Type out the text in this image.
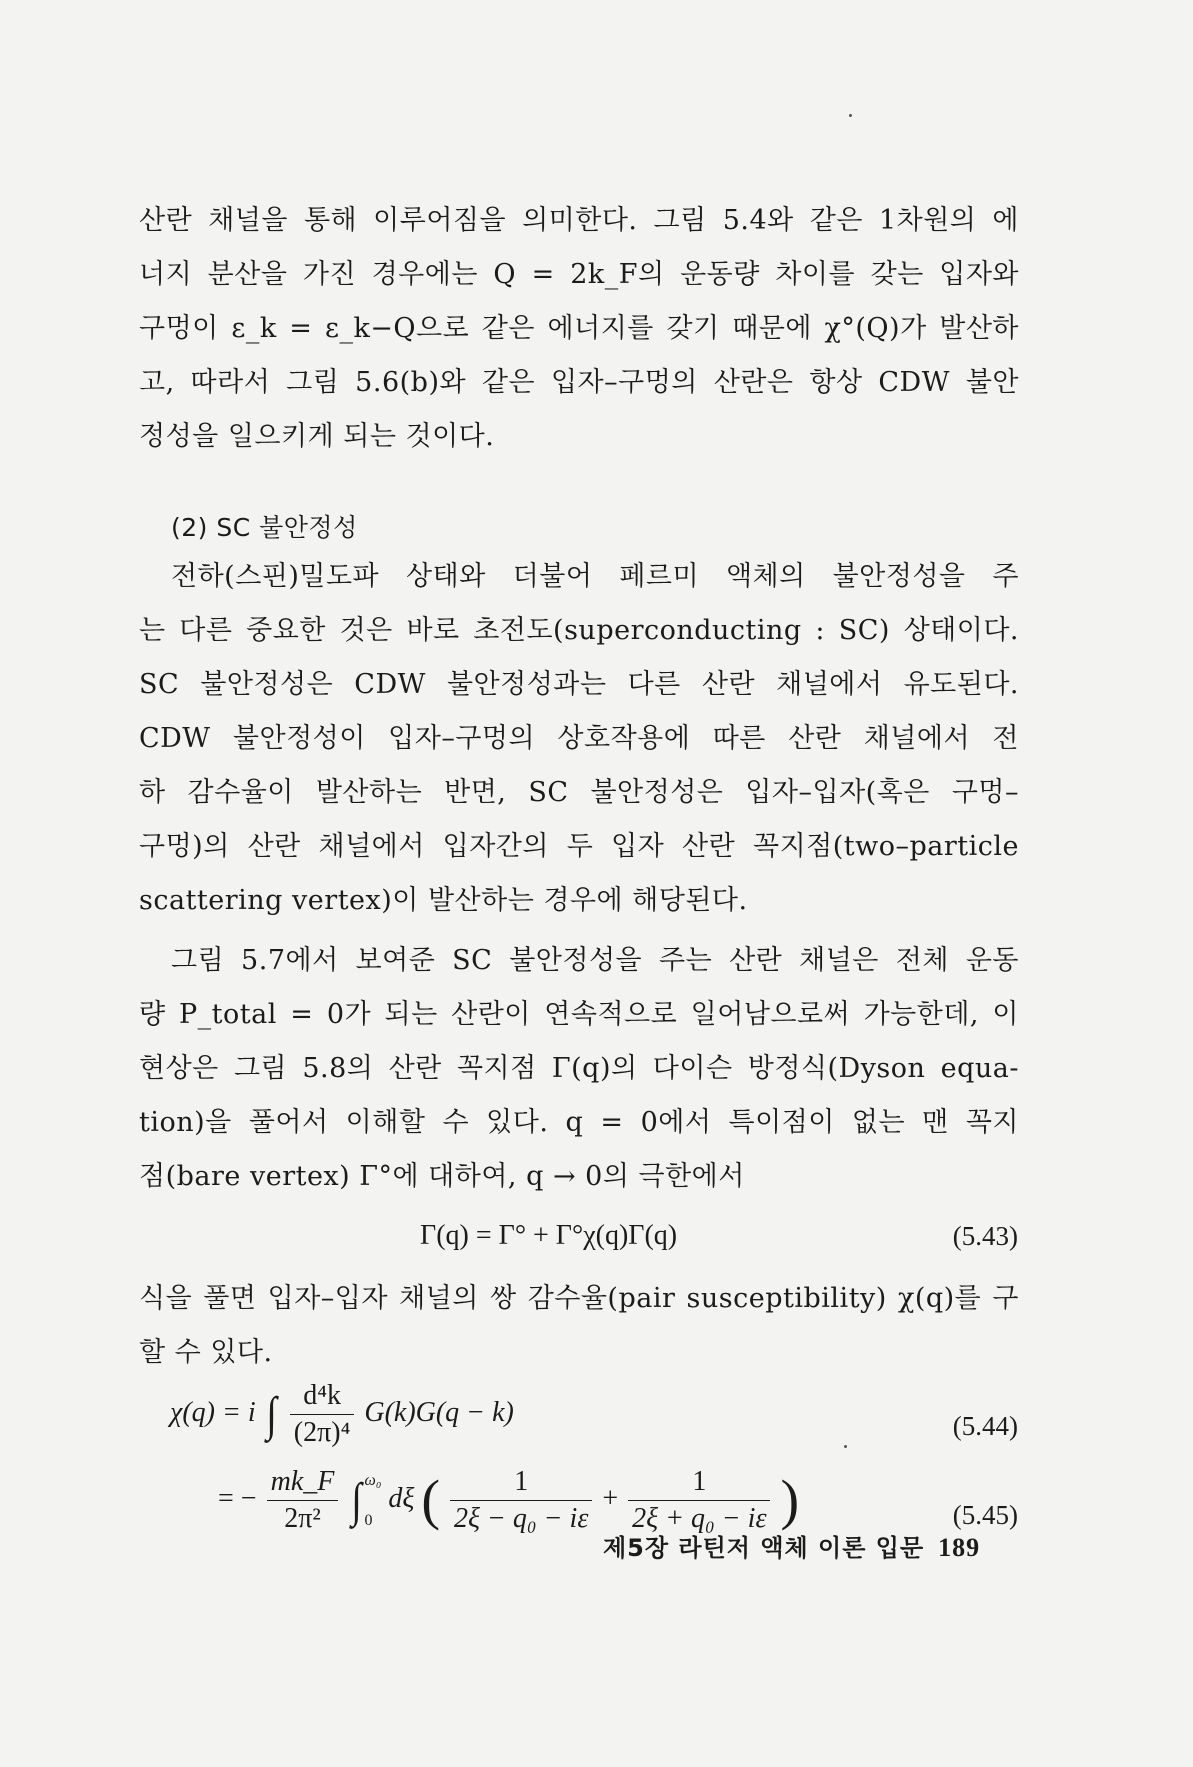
산란 채널을 통해 이루어짐을 의미한다. 그림 5.4와 같은 1차원의 에
너지 분산을 가진 경우에는 Q = 2k_F의 운동량 차이를 갖는 입자와
구멍이 ε_k = ε_k−Q으로 같은 에너지를 갖기 때문에 χ°(Q)가 발산하
고, 따라서 그림 5.6(b)와 같은 입자–구멍의 산란은 항상 CDW 불안
정성을 일으키게 되는 것이다.
(2) SC 불안정성
전하(스핀)밀도파 상태와 더불어 페르미 액체의 불안정성을 주
는 다른 중요한 것은 바로 초전도(superconducting : SC) 상태이다.
SC 불안정성은 CDW 불안정성과는 다른 산란 채널에서 유도된다.
CDW 불안정성이 입자–구멍의 상호작용에 따른 산란 채널에서 전
하 감수율이 발산하는 반면, SC 불안정성은 입자–입자(혹은 구멍–
구멍)의 산란 채널에서 입자간의 두 입자 산란 꼭지점(two–particle
scattering vertex)이 발산하는 경우에 해당된다.
그림 5.7에서 보여준 SC 불안정성을 주는 산란 채널은 전체 운동
량 P_total = 0가 되는 산란이 연속적으로 일어남으로써 가능한데, 이
현상은 그림 5.8의 산란 꼭지점 Γ(q)의 다이슨 방정식(Dyson equa-
tion)을 풀어서 이해할 수 있다. q = 0에서 특이점이 없는 맨 꼭지
점(bare vertex) Γ°에 대하여, q → 0의 극한에서
Γ(q) = Γ° + Γ°χ(q)Γ(q)	(5.43)
식을 풀면 입자–입자 채널의 쌍 감수율(pair susceptibility) χ(q)를 구
할 수 있다.
χ(q) = i ∫ $\frac{\text{d⁴k}}{\text{(2π)⁴}} G(k)G(q - k)$	(5.44)
= − $\frac{mk\_F}{\text{2π²}}$ ∫ ω₀
0
dξ ( $\frac{1}{\text{2ξ − q₀ − iε}} + \frac{1}{\text{2ξ + q₀ − iε}}$ )	(5.45)
제5장 라틴저 액체 이론 입문 189
